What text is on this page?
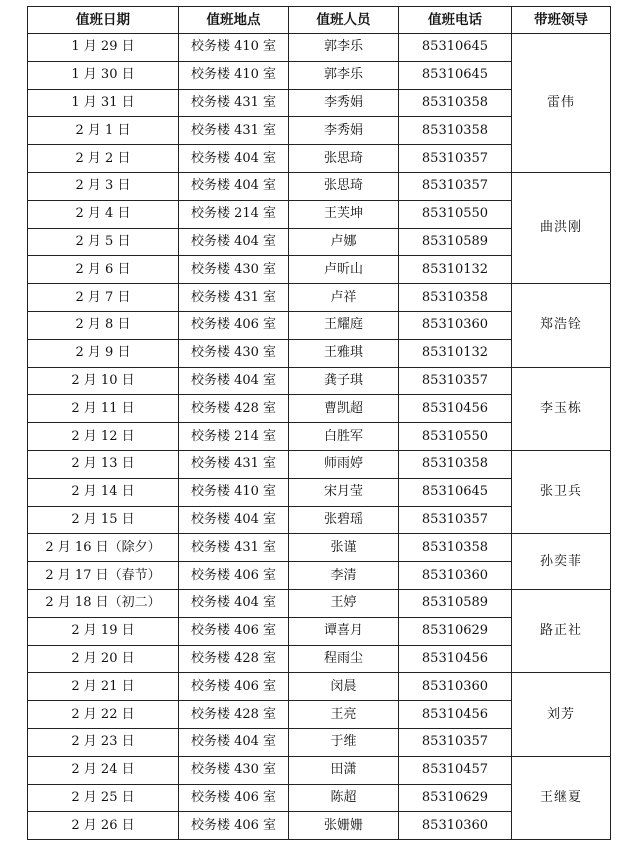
值班日期	值班地点	值班人员	值班电话	带班领导
1 月 29 日	校务楼 410 室	郭李乐	85310645	雷伟
1 月 30 日	校务楼 410 室	郭李乐	85310645	
1 月 31 日	校务楼 431 室	李秀娟	85310358	
2 月 1 日	校务楼 431 室	李秀娟	85310358	
2 月 2 日	校务楼 404 室	张思琦	85310357	
2 月 3 日	校务楼 404 室	张思琦	85310357	曲洪刚
2 月 4 日	校务楼 214 室	王芙坤	85310550	
2 月 5 日	校务楼 404 室	卢娜	85310589	
2 月 6 日	校务楼 430 室	卢昕山	85310132	
2 月 7 日	校务楼 431 室	卢祥	85310358	郑浩铨
2 月 8 日	校务楼 406 室	王耀庭	85310360	
2 月 9 日	校务楼 430 室	王雅琪	85310132	
2 月 10 日	校务楼 404 室	龚子琪	85310357	李玉栋
2 月 11 日	校务楼 428 室	曹凯超	85310456	
2 月 12 日	校务楼 214 室	白胜军	85310550	
2 月 13 日	校务楼 431 室	师雨婷	85310358	张卫兵
2 月 14 日	校务楼 410 室	宋月莹	85310645	
2 月 15 日	校务楼 404 室	张碧瑶	85310357	
2 月 16 日（除夕）	校务楼 431 室	张谨	85310358	孙奕菲
2 月 17 日（春节）	校务楼 406 室	李清	85310360	
2 月 18 日（初二）	校务楼 404 室	王婷	85310589	路正社
2 月 19 日	校务楼 406 室	谭喜月	85310629	
2 月 20 日	校务楼 428 室	程雨尘	85310456	
2 月 21 日	校务楼 406 室	闵晨	85310360	刘芳
2 月 22 日	校务楼 428 室	王亮	85310456	
2 月 23 日	校务楼 404 室	于维	85310357	
2 月 24 日	校务楼 430 室	田潇	85310457	王继夏
2 月 25 日	校务楼 406 室	陈超	85310629	
2 月 26 日	校务楼 406 室	张姗姗	85310360	
